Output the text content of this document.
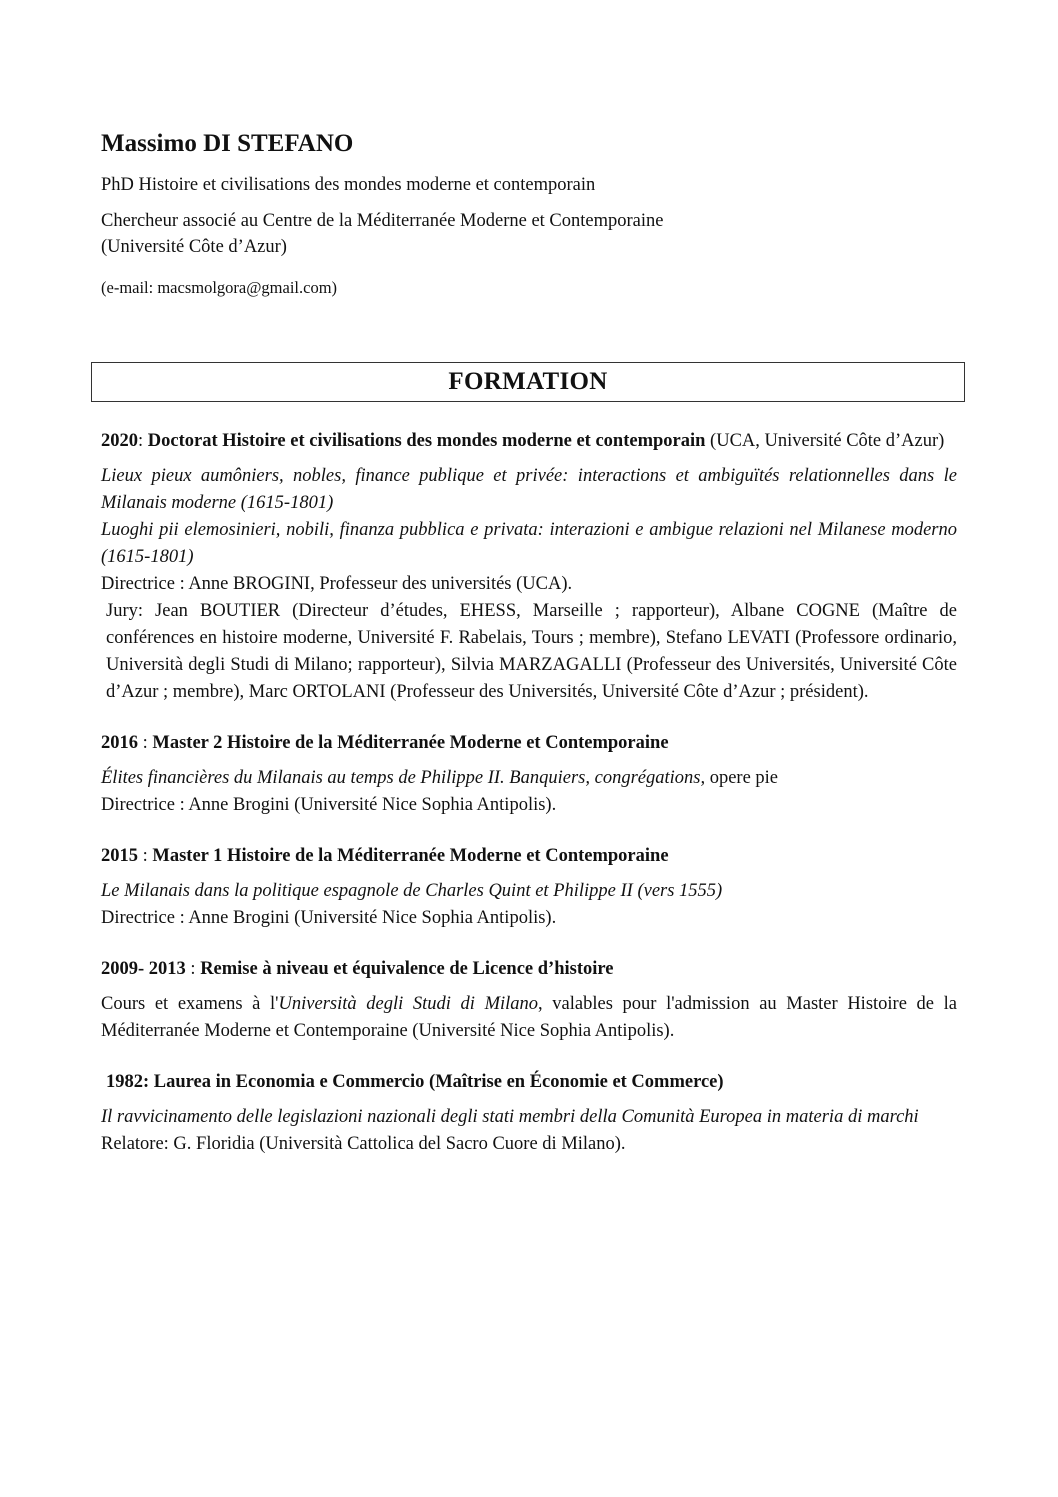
Massimo DI STEFANO

PhD Histoire et civilisations des mondes moderne et contemporain

Chercheur associé au Centre de la Méditerranée Moderne et Contemporaine

(Université Côte d’Azur)

(e-mail: macsmolgora@gmail.com)

FORMATION

2020: Doctorat Histoire et civilisations des mondes moderne et contemporain (UCA, Université Côte d’Azur)

Lieux pieux aumôniers, nobles, finance publique et privée: interactions et ambiguïtés relationnelles dans le Milanais moderne (1615-1801)

Luoghi pii elemosinieri, nobili, finanza pubblica e privata: interazioni e ambigue relazioni nel Milanese moderno (1615-1801)

Directrice : Anne BROGINI, Professeur des universités (UCA).

Jury: Jean BOUTIER (Directeur d’études, EHESS, Marseille ; rapporteur), Albane COGNE (Maître de conférences en histoire moderne, Université F. Rabelais, Tours ; membre), Stefano LEVATI (Professore ordinario, Università degli Studi di Milano; rapporteur), Silvia MARZAGALLI (Professeur des Universités, Université Côte d’Azur ; membre), Marc ORTOLANI (Professeur des Universités, Université Côte d’Azur ; président).

2016 : Master 2 Histoire de la Méditerranée Moderne et Contemporaine

Élites financières du Milanais au temps de Philippe II. Banquiers, congrégations, opere pie

Directrice : Anne Brogini (Université Nice Sophia Antipolis).

2015 : Master 1 Histoire de la Méditerranée Moderne et Contemporaine

Le Milanais dans la politique espagnole de Charles Quint et Philippe II (vers 1555)

Directrice : Anne Brogini (Université Nice Sophia Antipolis).

2009- 2013 : Remise à niveau et équivalence de Licence d’histoire

Cours et examens à l'Università degli Studi di Milano, valables pour l'admission au Master Histoire de la Méditerranée Moderne et Contemporaine (Université Nice Sophia Antipolis).

1982: Laurea in Economia e Commercio (Maîtrise en Économie et Commerce)

Il ravvicinamento delle legislazioni nazionali degli stati membri della Comunità Europea in materia di marchi

Relatore: G. Floridia (Università Cattolica del Sacro Cuore di Milano).
